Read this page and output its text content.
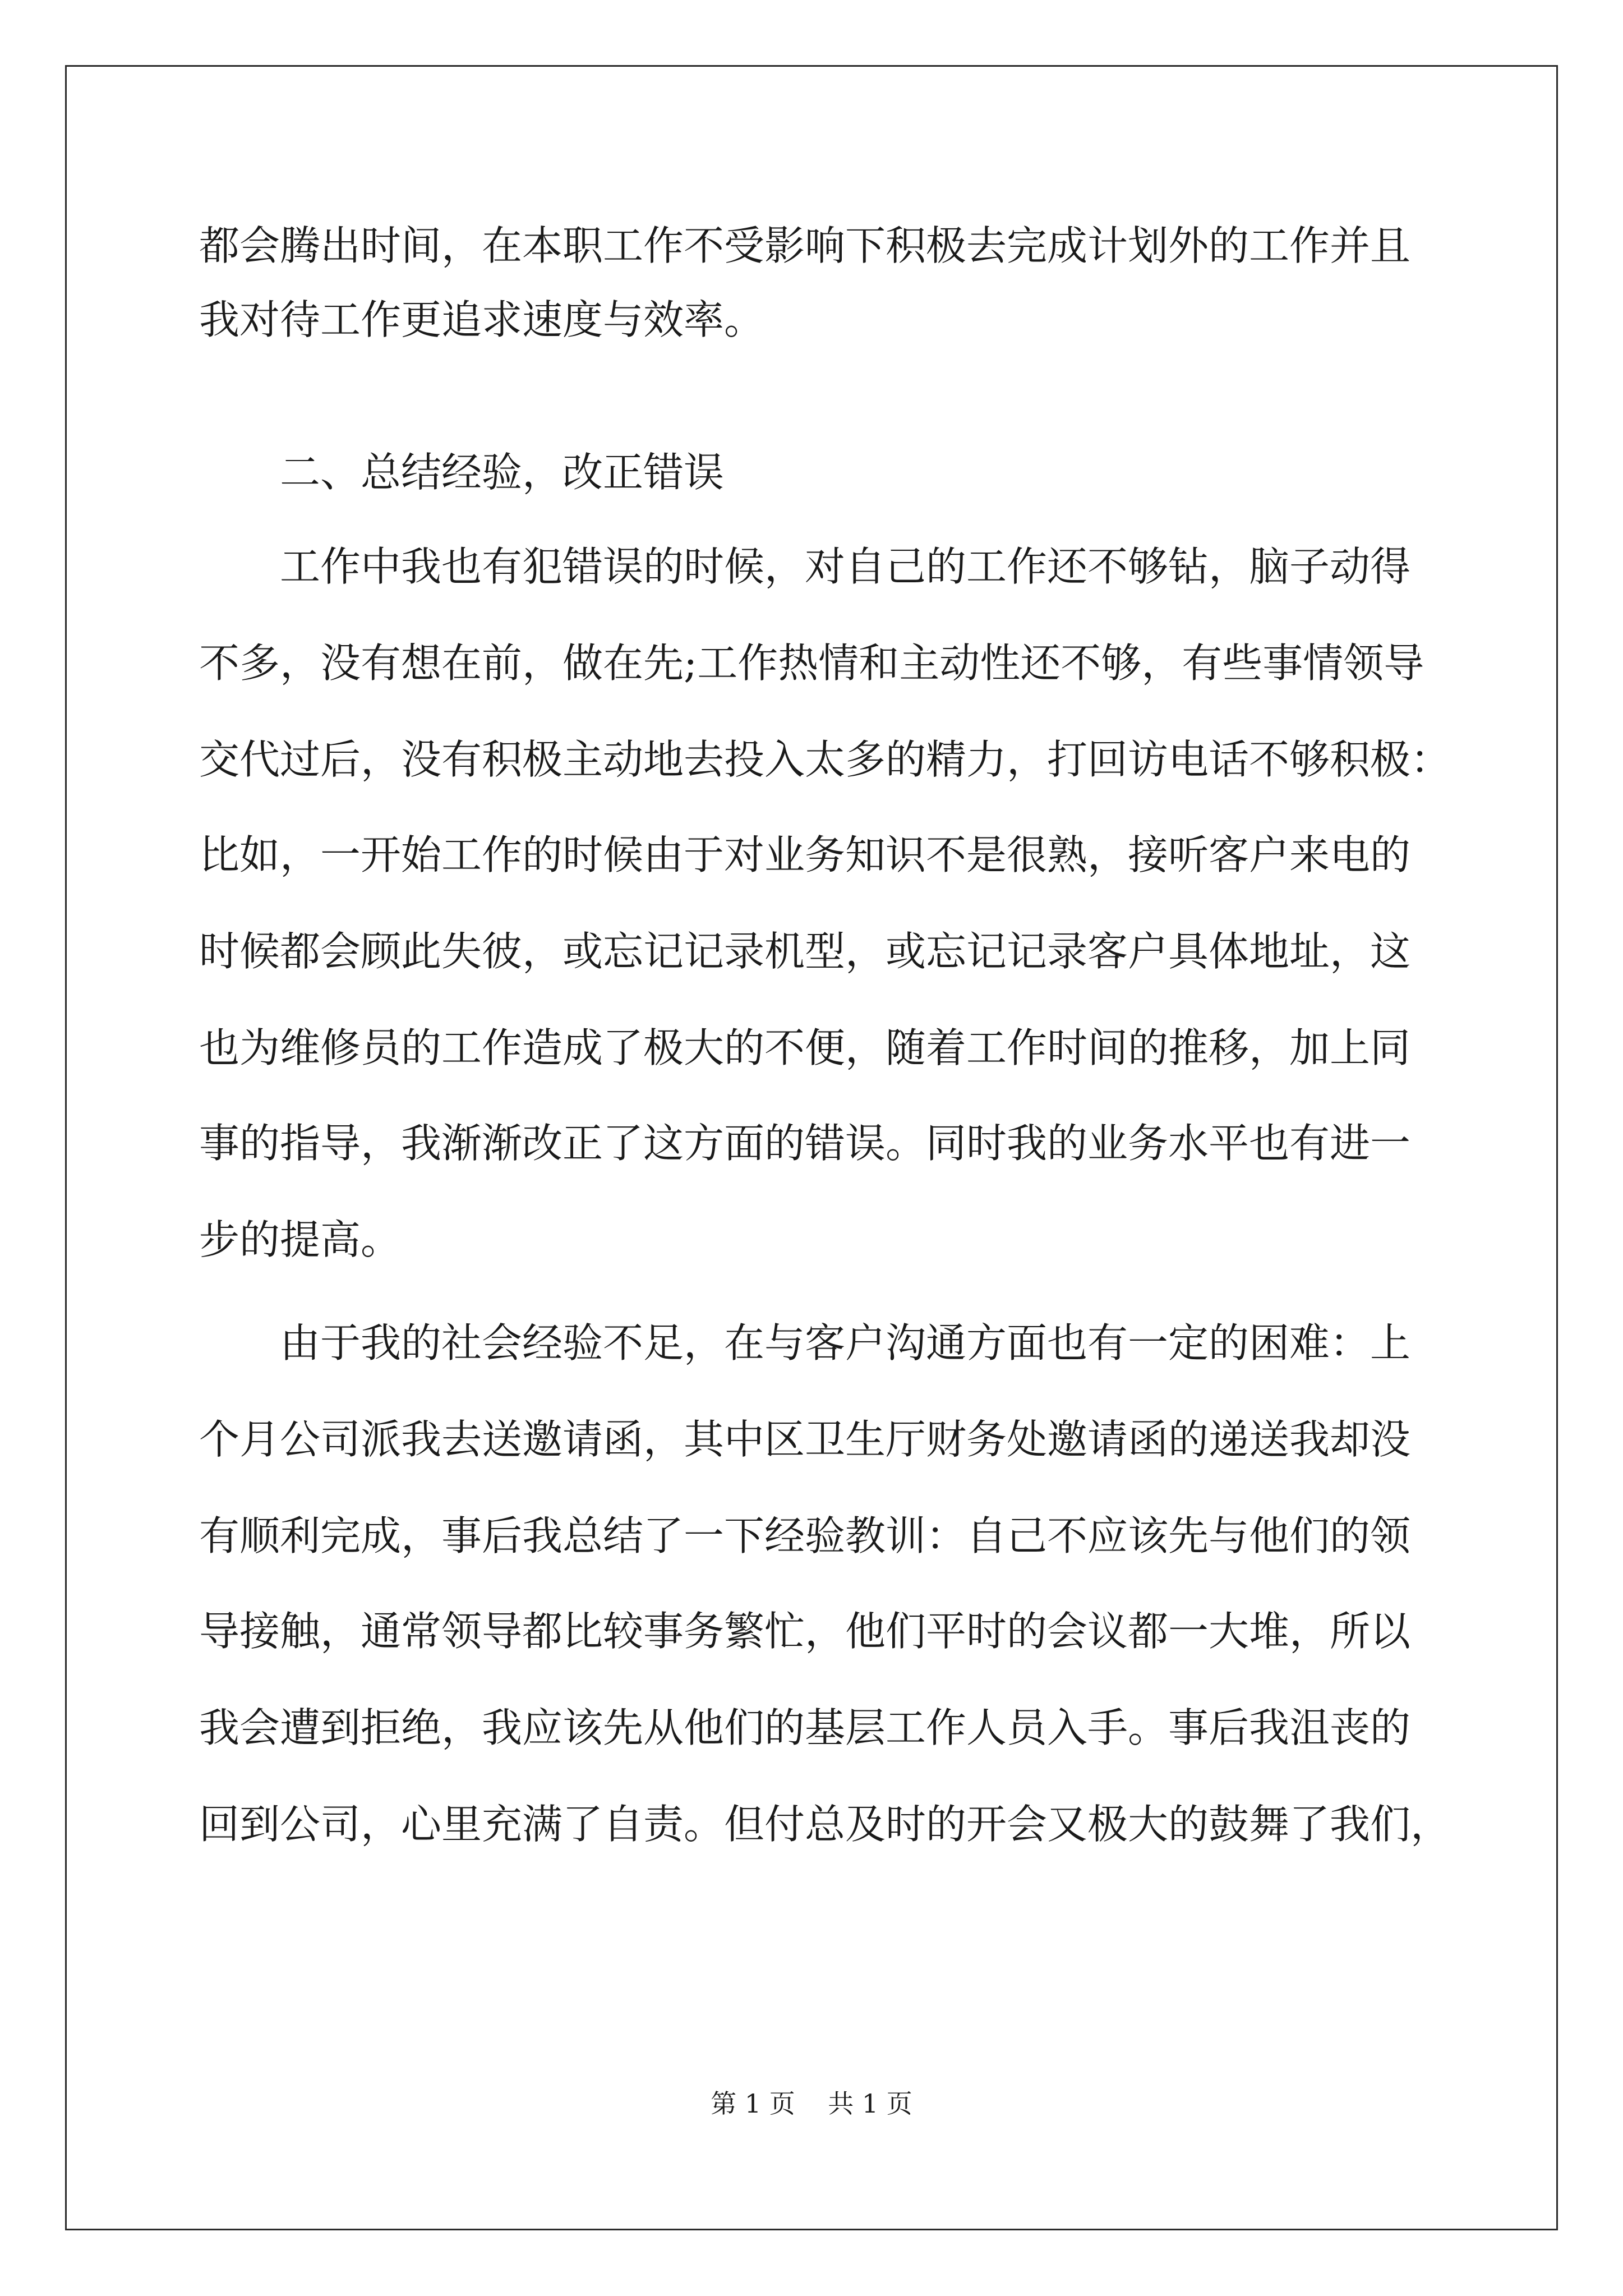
都会腾出时间，在本职工作不受影响下积极去完成计划外的工作并且

我对待工作更追求速度与效率。

二、总结经验，改正错误

工作中我也有犯错误的时候，对自己的工作还不够钻，脑子动得

不多，没有想在前，做在先;工作热情和主动性还不够，有些事情领导

交代过后，没有积极主动地去投入太多的精力，打回访电话不够积极：

比如，一开始工作的时候由于对业务知识不是很熟，接听客户来电的

时候都会顾此失彼，或忘记记录机型，或忘记记录客户具体地址，这

也为维修员的工作造成了极大的不便，随着工作时间的推移，加上同

事的指导，我渐渐改正了这方面的错误。同时我的业务水平也有进一

步的提高。

由于我的社会经验不足，在与客户沟通方面也有一定的困难：上

个月公司派我去送邀请函，其中区卫生厅财务处邀请函的递送我却没

有顺利完成，事后我总结了一下经验教训：自己不应该先与他们的领

导接触，通常领导都比较事务繁忙，他们平时的会议都一大堆，所以

我会遭到拒绝，我应该先从他们的基层工作人员入手。事后我沮丧的

回到公司，心里充满了自责。但付总及时的开会又极大的鼓舞了我们，

第 1 页    共 1 页
